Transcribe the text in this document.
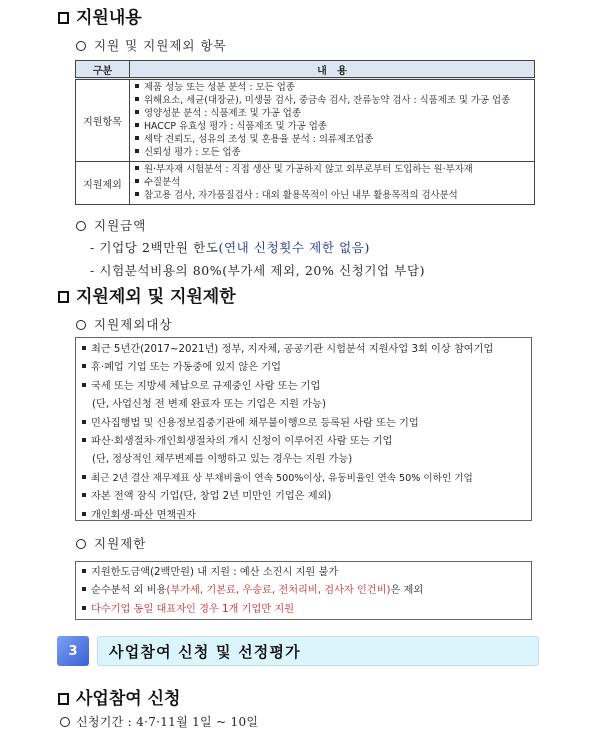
지원내용
지원 및 지원제외 항목
구분	내   용
지원항목	
제품 성능 또는 성분 분석 : 모든 업종
위해요소, 세균(대장균), 미생물 검사, 중금속 검사, 잔류농약 검사 : 식품제조 및 가공 업종
영양성분 분석 : 식품제조 및 가공 업종
HACCP 유효성 평가 : 식품제조 및 가공 업종
세탁 견뢰도, 섬유의 조성 및 혼용율 분석 : 의류제조업종
신뢰성 평가 : 모든 업종

지원제외	원·부자재 시험분석 : 직접 생산 및 가공하지 않고 외부로부터 도입하는 원·부자재
수질분석
참고용 검사, 자가품질검사 : 대외 활용목적이 아닌 내부 활용목적의 검사분석
지원금액
- 기업당 2백만원 한도(연내 신청횟수 제한 없음)
- 시험분석비용의 80%(부가세 제외, 20% 신청기업 부담)
지원제외 및 지원제한
지원제외대상
최근 5년간(2017~2021년) 정부, 지자체, 공공기관 시험분석 지원사업 3회 이상 참여기업
휴·폐업 기업 또는 가동중에 있지 않은 기업
국세 또는 지방세 체납으로 규제중인 사람 또는 기업
(단, 사업신청 전 변제 완료자 또는 기업은 지원 가능)
민사집행법 및 신용정보집중기관에 채무불이행으로 등록된 사람 또는 기업
파산·회생절차·개인회생절차의 개시 신청이 이루어진 사람 또는 기업
(단, 정상적인 채무변제를 이행하고 있는 경우는 지원 가능)
최근 2년 결산 재무제표 상 부채비율이 연속 500%이상, 유동비율인 연속 50% 이하인 기업
자본 전액 잠식 기업(단, 창업 2년 미만인 기업은 제외)
개인회생·파산 면책권자
지원제한
지원한도금액(2백만원) 내 지원 : 예산 소진시 지원 불가
순수분석 외 비용(부가세, 기본료, 우송료, 전처리비, 검사자 인건비)은 제외
다수기업 동일 대표자인 경우 1개 기업만 지원
3	사업참여 신청 및 선정평가
사업참여 신청
신청기간 : 4·7·11월 1일 ~ 10일
